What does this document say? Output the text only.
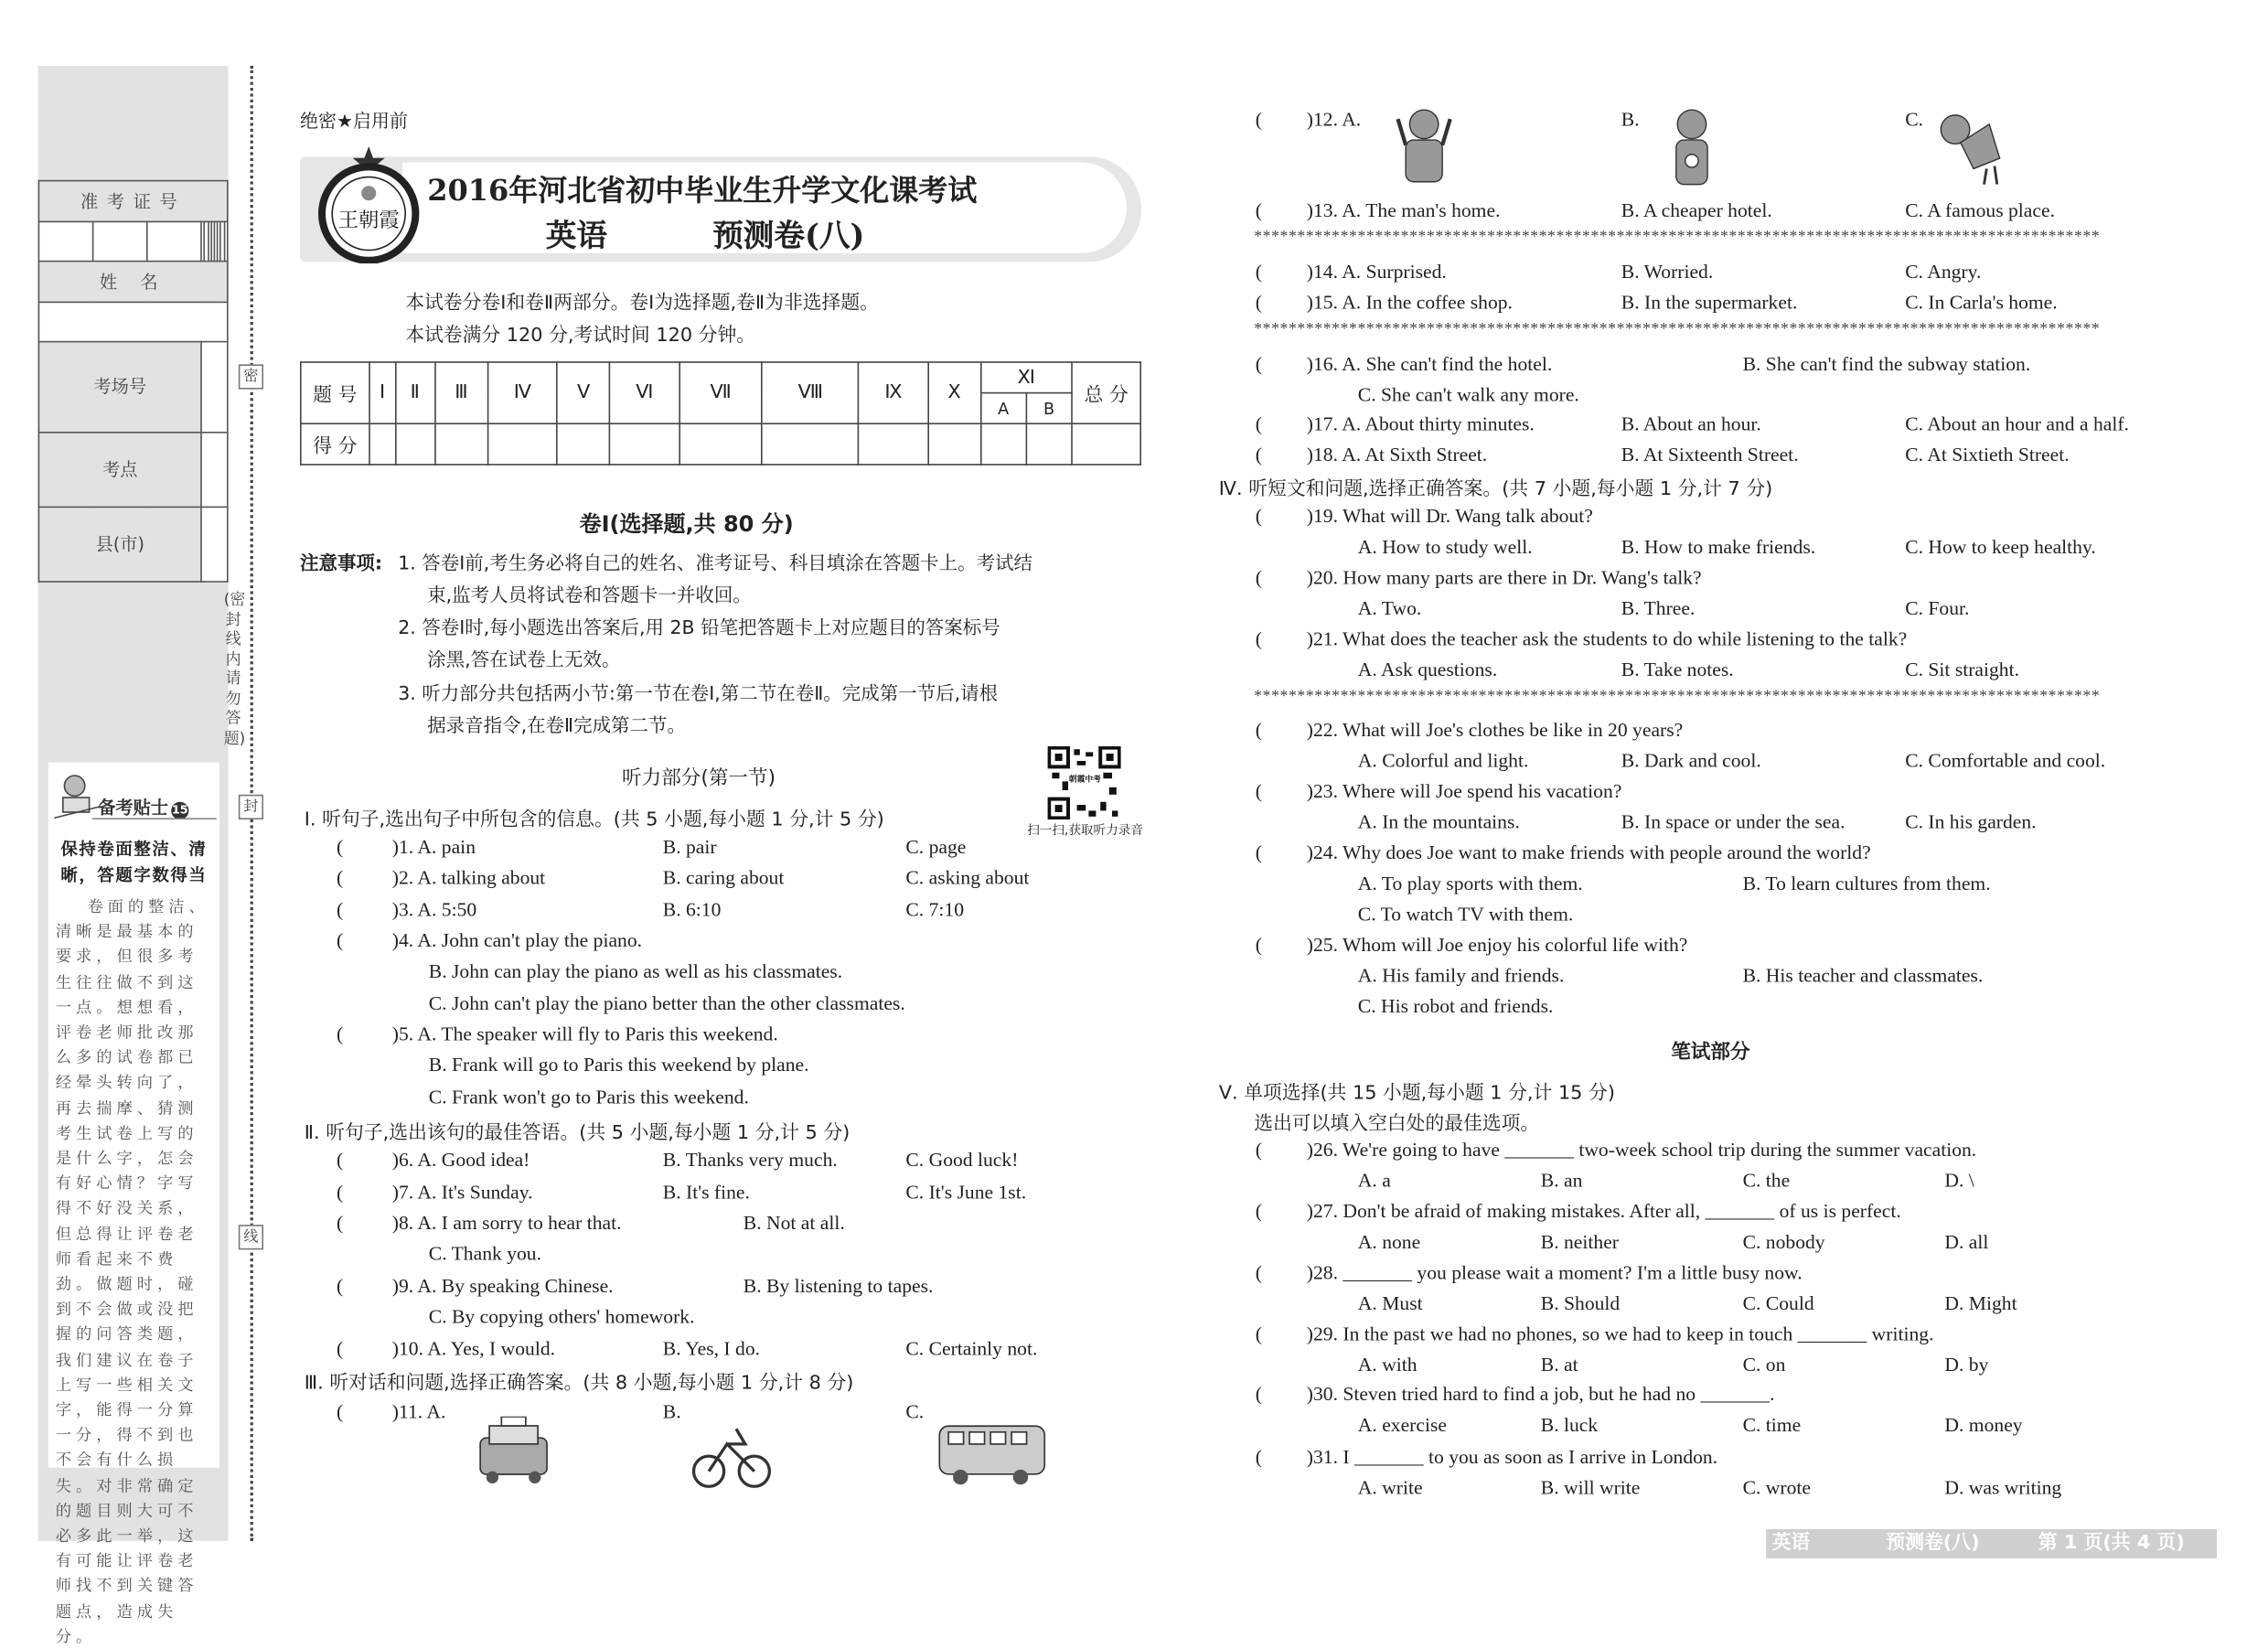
准考证号										

姓 名										

考场号										
考点										
县(市)										
备考贴士 15
保持卷面整洁、清晰，答题字数得当
卷面的整洁、清晰是最基本的要求，但很多考生往往做不到这一点。想想看，评卷老师批改那么多的试卷都已经晕头转向了，再去揣摩、猜测考生试卷上写的是什么字，怎会有好心情？字写得不好没关系，但总得让评卷老师看起来不费劲。做题时，碰到不会做或没把握的问答类题，我们建议在卷子上写一些相关文字，能得一分算一分，得不到也不会有什么损失。对非常确定的题目则大可不必多此一举，这有可能让评卷老师找不到关键答题点，造成失分。
密
(密封线内请勿答题)
封
线
绝密★启用前
王朝霞
2016年河北省初中毕业生升学文化课考试
英语	预测卷(八)
本试卷分卷Ⅰ和卷Ⅱ两部分。卷Ⅰ为选择题,卷Ⅱ为非选择题。
本试卷满分 120 分,考试时间 120 分钟。
题 号	Ⅰ	Ⅱ	Ⅲ	Ⅳ	Ⅴ	Ⅵ	Ⅶ	Ⅷ	Ⅸ	Ⅹ	Ⅺ		总 分
											A	B	
得 分													
卷Ⅰ(选择题,共 80 分)
注意事项: 1. 答卷Ⅰ前,考生务必将自己的姓名、准考证号、科目填涂在答题卡上。考试结
束,监考人员将试卷和答题卡一并收回。
2. 答卷Ⅰ时,每小题选出答案后,用 2B 铅笔把答题卡上对应题目的答案标号
涂黑,答在试卷上无效。
3. 听力部分共包括两小节:第一节在卷Ⅰ,第二节在卷Ⅱ。完成第一节后,请根
据录音指令,在卷Ⅱ完成第二节。
听力部分(第一节)	朝霞中考
扫一扫,获取听力录音
Ⅰ. 听句子,选出句子中所包含的信息。(共 5 小题,每小题 1 分,计 5 分)
Ⅱ. 听句子,选出该句的最佳答语。(共 5 小题,每小题 1 分,计 5 分)
Ⅲ. 听对话和问题,选择正确答案。(共 8 小题,每小题 1 分,计 8 分)
(	)1. A. pain	B. pair	C. page
(	)2. A. talking about	B. caring about	C. asking about
(	)3. A. 5:50	B. 6:10	C. 7:10
(	)4. A. John can't play the piano.
B. John can play the piano as well as his classmates.
C. John can't play the piano better than the other classmates.
(	)5. A. The speaker will fly to Paris this weekend.
B. Frank will go to Paris this weekend by plane.
C. Frank won't go to Paris this weekend.
(	)6. A. Good idea!	B. Thanks very much.	C. Good luck!
(	)7. A. It's Sunday.	B. It's fine.	C. It's June 1st.
(	)8. A. I am sorry to hear that.	B. Not at all.
C. Thank you.
(	)9. A. By speaking Chinese.	B. By listening to tapes.
C. By copying others' homework.
(	)10. A. Yes, I would.	B. Yes, I do.	C. Certainly not.
(	)11. A.	B.	C.
(	)12. A.	B.	C.
(	)13. A. The man's home.	B. A cheaper hotel.	C. A famous place.
(	)14. A. Surprised.	B. Worried.	C. Angry.
(	)15. A. In the coffee shop.	B. In the supermarket.	C. In Carla's home.
(	)16. A. She can't find the hotel.	B. She can't find the subway station.
C. She can't walk any more.
(	)17. A. About thirty minutes.	B. About an hour.	C. About an hour and a half.
(	)18. A. At Sixth Street.	B. At Sixteenth Street.	C. At Sixtieth Street.
(	)19. What will Dr. Wang talk about?
A. How to study well.	B. How to make friends.	C. How to keep healthy.
(	)20. How many parts are there in Dr. Wang's talk?
A. Two.	B. Three.	C. Four.
(	)21. What does the teacher ask the students to do while listening to the talk?
A. Ask questions.	B. Take notes.	C. Sit straight.
(	)22. What will Joe's clothes be like in 20 years?
A. Colorful and light.	B. Dark and cool.	C. Comfortable and cool.
(	)23. Where will Joe spend his vacation?
A. In the mountains.	B. In space or under the sea.	C. In his garden.
(	)24. Why does Joe want to make friends with people around the world?
A. To play sports with them.	B. To learn cultures from them.
C. To watch TV with them.
(	)25. Whom will Joe enjoy his colorful life with?
A. His family and friends.	B. His teacher and classmates.
C. His robot and friends.
(	)26. We're going to have _______ two-week school trip during the summer vacation.
A. a	B. an	C. the	D. \
(	)27. Don't be afraid of making mistakes. After all, _______ of us is perfect.
A. none	B. neither	C. nobody	D. all
(	)28. _______ you please wait a moment? I'm a little busy now.
A. Must	B. Should	C. Could	D. Might
(	)29. In the past we had no phones, so we had to keep in touch _______ writing.
A. with	B. at	C. on	D. by
(	)30. Steven tried hard to find a job, but he had no _______.
A. exercise	B. luck	C. time	D. money
(	)31. I _______ to you as soon as I arrive in London.
A. write	B. will write	C. wrote	D. was writing
**************************************************************************************************
**************************************************************************************************
**************************************************************************************************
Ⅳ. 听短文和问题,选择正确答案。(共 7 小题,每小题 1 分,计 7 分)
笔试部分
Ⅴ. 单项选择(共 15 小题,每小题 1 分,计 15 分)
选出可以填入空白处的最佳选项。
英语	预测卷(八)	第 1 页(共 4 页)
